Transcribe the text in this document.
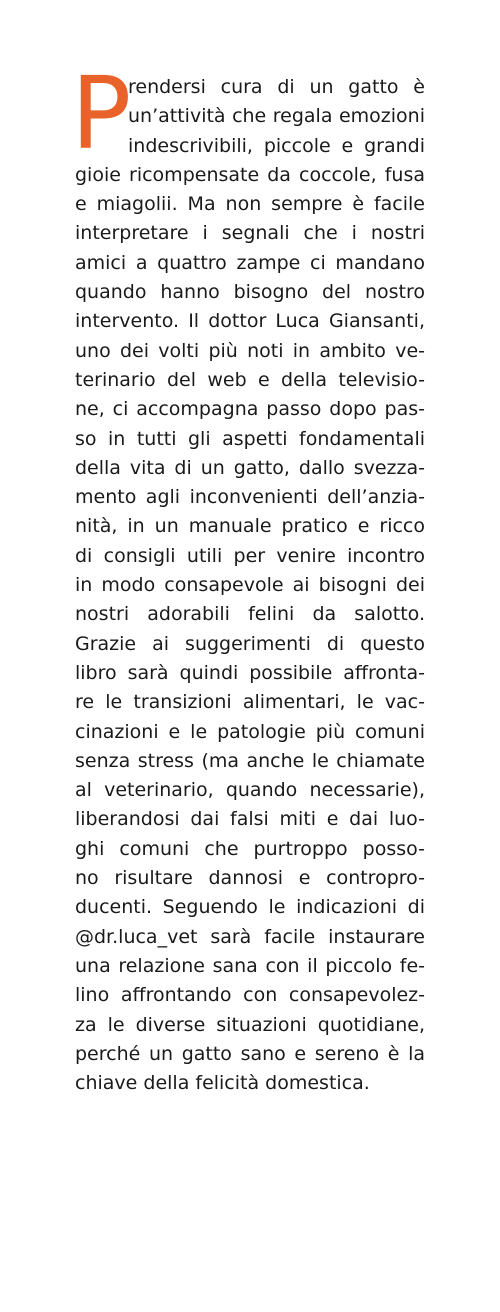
P
rendersi cura di un gatto è
un’attività che regala emozioni
indescrivibili, piccole e grandi
gioie ricompensate da coccole, fusa
e miagolii. Ma non sempre è facile
interpretare i segnali che i nostri
amici a quattro zampe ci mandano
quando hanno bisogno del nostro
intervento. Il dottor Luca Giansanti,
uno dei volti più noti in ambito ve-
terinario del web e della televisio-
ne, ci accompagna passo dopo pas-
so in tutti gli aspetti fondamentali
della vita di un gatto, dallo svezza-
mento agli inconvenienti dell’anzia-
nità, in un manuale pratico e ricco
di consigli utili per venire incontro
in modo consapevole ai bisogni dei
nostri adorabili felini da salotto.
Grazie ai suggerimenti di questo
libro sarà quindi possibile affronta-
re le transizioni alimentari, le vac-
cinazioni e le patologie più comuni
senza stress (ma anche le chiamate
al veterinario, quando necessarie),
liberandosi dai falsi miti e dai luo-
ghi comuni che purtroppo posso-
no risultare dannosi e contropro-
ducenti. Seguendo le indicazioni di
@dr.luca_vet sarà facile instaurare
una relazione sana con il piccolo fe-
lino affrontando con consapevolez-
za le diverse situazioni quotidiane,
perché un gatto sano e sereno è la
chiave della felicità domestica.
